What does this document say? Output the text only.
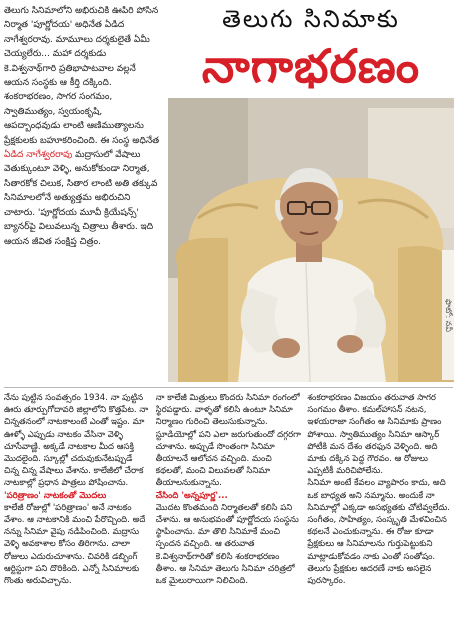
తెలుగు సినిమాలోని అభిరుచికి ఊపిరి పోసిన నిర్మాత 'పూర్ణోదయ' అధినేత ఏడిద నాగేశ్వరరావు. మామూలు దర్శకులైతే ఏమీ చెయ్యలేరు... మహా దర్శకుడు కె.విశ్వనాథ్‌గారి ప్రతిభాపాటవాల వల్లనే ఆయన సంస్థకు ఆ కీర్తి దక్కింది.

శంకరాభరణం, సాగర సంగమం, స్వాతిముత్యం, స్వయంకృషి, ఆపద్బాంధవుడు లాంటి ఆణిముత్యాలను ప్రేక్షకులకు బహూకరించింది. ఈ సంస్థ అధినేత ఏడిద నాగేశ్వరరావు మద్రాసులో వేషాలు వెతుక్కుంటూ వెళ్ళి, అనుకోకుండా నిర్మాత, సితారకోక చిలుక, సితార లాంటి అతి తక్కువ సినిమాలలోనే అత్యుత్తమ అభిరుచిని చాటారు. 'పూర్ణోదయ మూవీ క్రియేషన్స్' బ్యానర్‌పై విలువలున్న చిత్రాలు తీశారు. ఇది ఆయన జీవిత సంక్షిప్త చిత్రం.

తెలుగు సినిమాకు
నాగాభరణం
ఫొటో: నవీ

నేను పుట్టిన సంవత్సరం 1934. నా పుట్టిన ఊరు తూర్పుగోదావరి జిల్లాలోని కొత్తపేట. నా చిన్నతనంలో నాటకాలంటే ఎంతో ఇష్టం. మా ఊళ్ళో ఎప్పుడు నాటకం వేసినా వెళ్ళి చూసేవాణ్ణి. అక్కడే నాటకాల మీద ఆసక్తి మొదలైంది. స్కూల్లో చదువుకునేటప్పుడే చిన్న చిన్న వేషాలు వేశాను. కాలేజీలో చేరాక నాటకాల్లో ప్రధాన పాత్రలు పోషించాను.

'పరిత్రాణం' నాటకంతో మొదలు

కాలేజీ రోజుల్లో 'పరిత్రాణం' అనే నాటకం వేశాం. ఆ నాటకానికి మంచి పేరొచ్చింది. అదే నన్ను సినిమా వైపు నడిపించింది. మద్రాసు వెళ్ళి అవకాశాల కోసం తిరిగాను. చాలా రోజులు ఎదురుచూశాను. చివరికి డబ్బింగ్ ఆర్టిస్టుగా పని దొరికింది. ఎన్నో సినిమాలకు గొంతు అరువిచ్చాను.

నా కాలేజీ మిత్రులు కొందరు సినిమా రంగంలో స్థిరపడ్డారు. వాళ్ళతో కలిసి ఉంటూ సినిమా నిర్మాణం గురించి తెలుసుకున్నాను. స్టూడియోల్లో పని ఎలా జరుగుతుందో దగ్గరగా చూశాను. అప్పుడే సొంతంగా సినిమా తీయాలనే ఆలోచన వచ్చింది. మంచి కథలతో, మంచి విలువలతో సినిమా తీయాలనుకున్నాను.

చేసింది 'అన్నపూర్ణ'...

మొదట కొంతమంది నిర్మాతలతో కలిసి పని చేశాను. ఆ అనుభవంతో పూర్ణోదయ సంస్థను స్థాపించాను. మా తొలి సినిమాకే మంచి స్పందన వచ్చింది. ఆ తరువాత కె.విశ్వనాథ్‌గారితో కలిసి శంకరాభరణం తీశాం. ఆ సినిమా తెలుగు సినిమా చరిత్రలో ఒక మైలురాయిగా నిలిచింది.

శంకరాభరణం విజయం తరువాత సాగర సంగమం తీశాం. కమల్‌హాసన్ నటన, ఇళయరాజా సంగీతం ఆ సినిమాకు ప్రాణం పోశాయి. స్వాతిముత్యం సినిమా ఆస్కార్ పోటీకి మన దేశం తరఫున వెళ్ళింది. అది మాకు దక్కిన పెద్ద గౌరవం. ఆ రోజులు ఎప్పటికీ మరిచిపోలేను.

సినిమా అంటే కేవలం వ్యాపారం కాదు, అది ఒక బాధ్యత అని నమ్మాను. అందుకే నా సినిమాల్లో ఎక్కడా అసభ్యతకు చోటివ్వలేదు. సంగీతం, సాహిత్యం, సంస్కృతి మేళవించిన కథలనే ఎంచుకున్నాను. ఈ రోజు కూడా ప్రేక్షకులు ఆ సినిమాలను గుర్తుపెట్టుకుని మాట్లాడుకోవడం నాకు ఎంతో సంతోషం. తెలుగు ప్రేక్షకుల ఆదరణే నాకు అసలైన పురస్కారం.
